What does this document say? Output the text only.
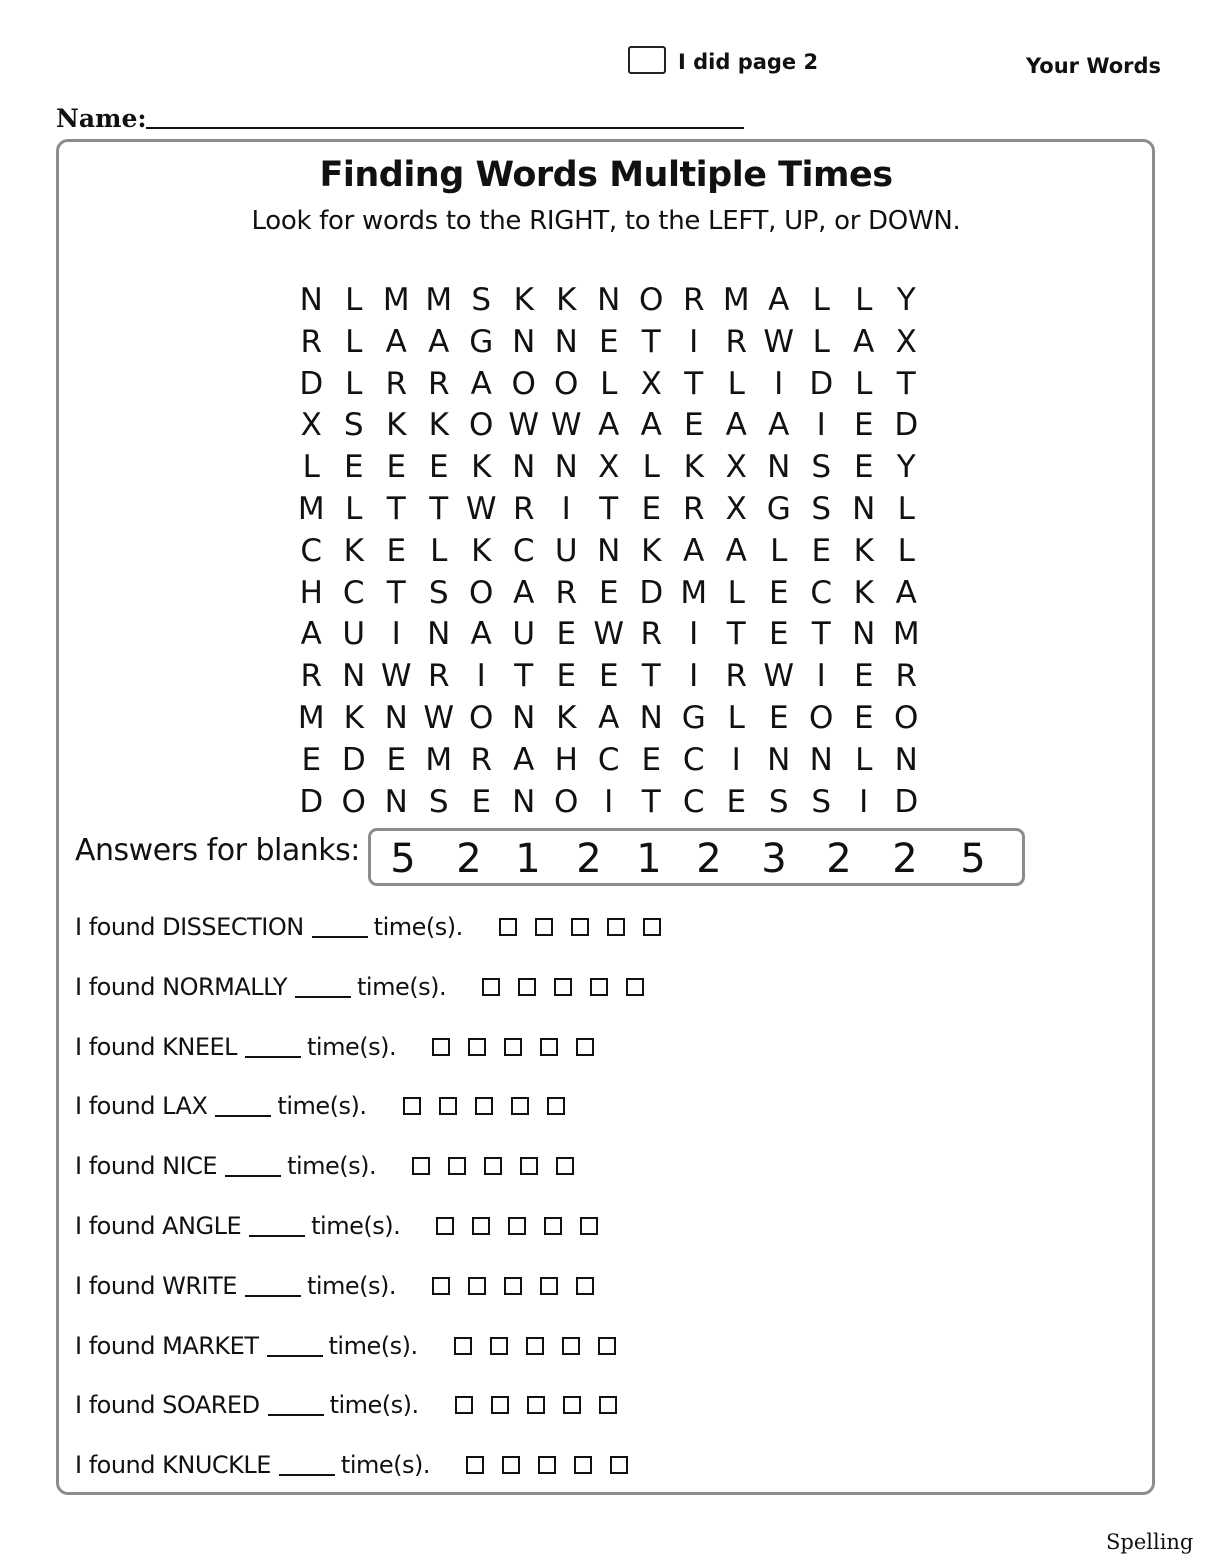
I did page 2	Your Words
Name:
Finding Words Multiple Times
Look for words to the RIGHT, to the LEFT, UP, or DOWN.
N L M M S K K N O R M A L L Y
R L A A G N N E T I R W L A X
D L R R A O O L X T L I D L T
X S K K O W W A A E A A I E D
L E E E K N N X L K X N S E Y
M L T T W R I T E R X G S N L
C K E L K C U N K A A L E K L
H C T S O A R E D M L E C K A
A U I N A U E W R I T E T N M
R N W R I T E E T I R W I E R
M K N W O N K A N G L E O E O
E D E M R A H C E C I N N L N
D O N S E N O I T C E S S I D
Answers for blanks: 5 2 1 2 1 2 3 2 2 5
I found DISSECTION	time(s).
I found NORMALLY	time(s).
I found KNEEL	time(s).
I found LAX	time(s).
I found NICE	time(s).
I found ANGLE	time(s).
I found WRITE	time(s).
I found MARKET	time(s).
I found SOARED	time(s).
I found KNUCKLE	time(s).
Spelling
